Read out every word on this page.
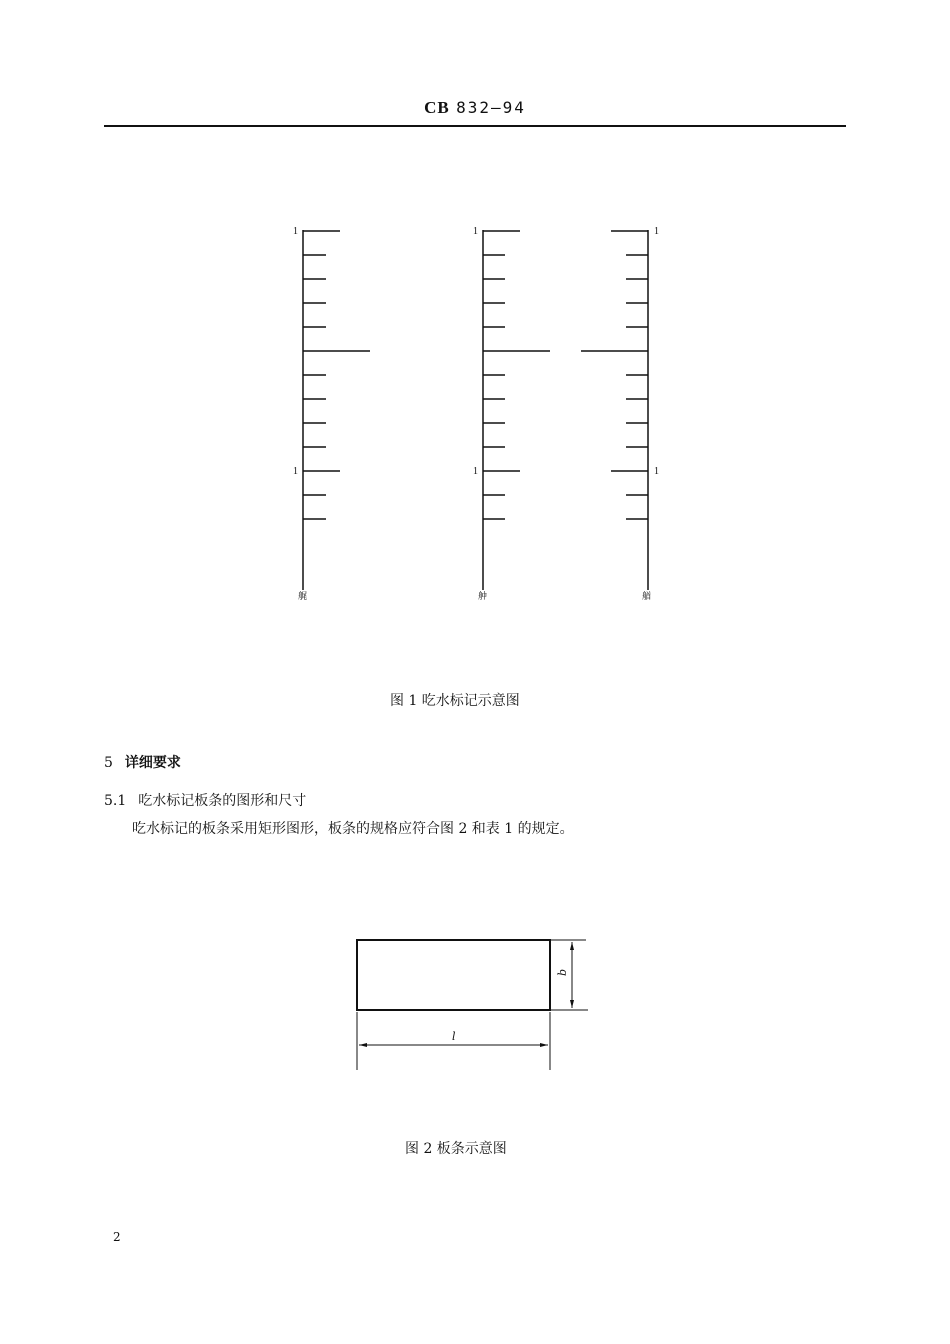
CB 832—94
1
1
1
1
1
1
艉	舯	艏
l
b
图 1 吃水标记示意图
5 详细要求
5.1 吃水标记板条的图形和尺寸
吃水标记的板条采用矩形图形，板条的规格应符合图 2 和表 1 的规定。
图 2 板条示意图
2
